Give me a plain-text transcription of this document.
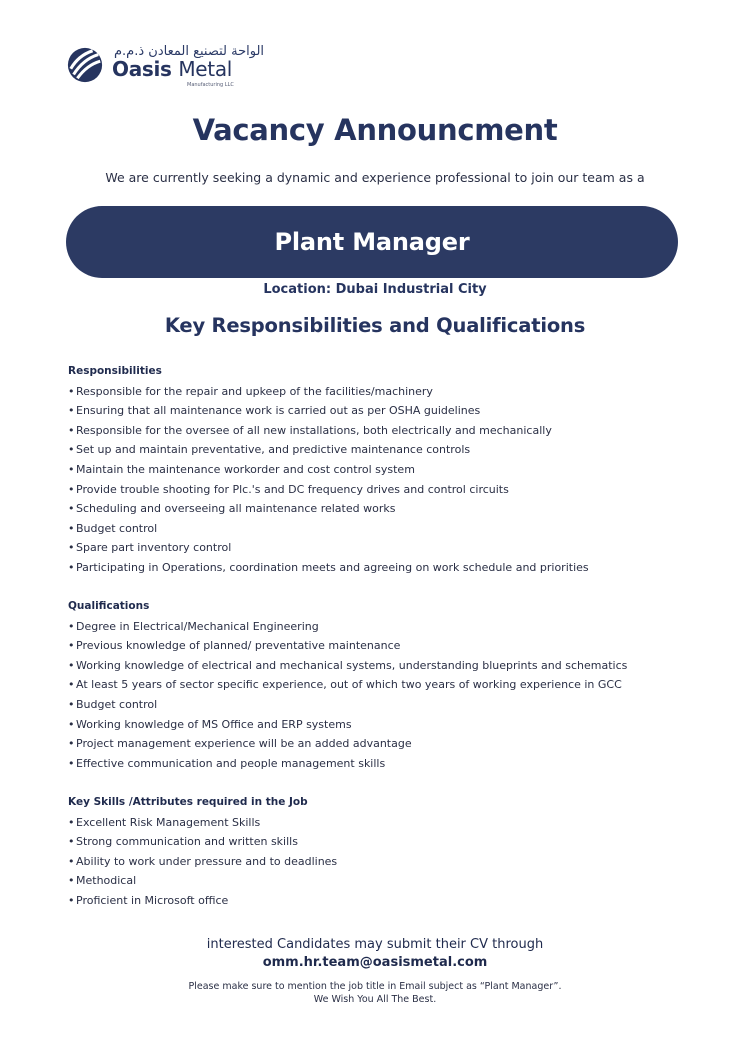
الواحة لتصنيع المعادن ذ.م.م
Oasis Metal
Manufacturing LLC
Vacancy Announcment
We are currently seeking a dynamic and experience professional to join our team as a
Plant Manager
Location: Dubai Industrial City
Key Responsibilities and Qualifications
Responsibilities
• Responsible for the repair and upkeep of the facilities/machinery
• Ensuring that all maintenance work is carried out as per OSHA guidelines
• Responsible for the oversee of all new installations, both electrically and mechanically
• Set up and maintain preventative, and predictive maintenance controls
• Maintain the maintenance workorder and cost control system
• Provide trouble shooting for Plc.'s and DC frequency drives and control circuits
• Scheduling and overseeing all maintenance related works
• Budget control
• Spare part inventory control
• Participating in Operations, coordination meets and agreeing on work schedule and priorities
Qualifications
• Degree in Electrical/Mechanical Engineering
• Previous knowledge of planned/ preventative maintenance
• Working knowledge of electrical and mechanical systems, understanding blueprints and schematics
• At least 5 years of sector specific experience, out of which two years of working experience in GCC
• Budget control
• Working knowledge of MS Office and ERP systems
• Project management experience will be an added advantage
• Effective communication and people management skills
Key Skills /Attributes required in the Job
• Excellent Risk Management Skills
• Strong communication and written skills
• Ability to work under pressure and to deadlines
• Methodical
• Proficient in Microsoft office
interested Candidates may submit their CV through
omm.hr.team@oasismetal.com
Please make sure to mention the job title in Email subject as “Plant Manager”.
We Wish You All The Best.
